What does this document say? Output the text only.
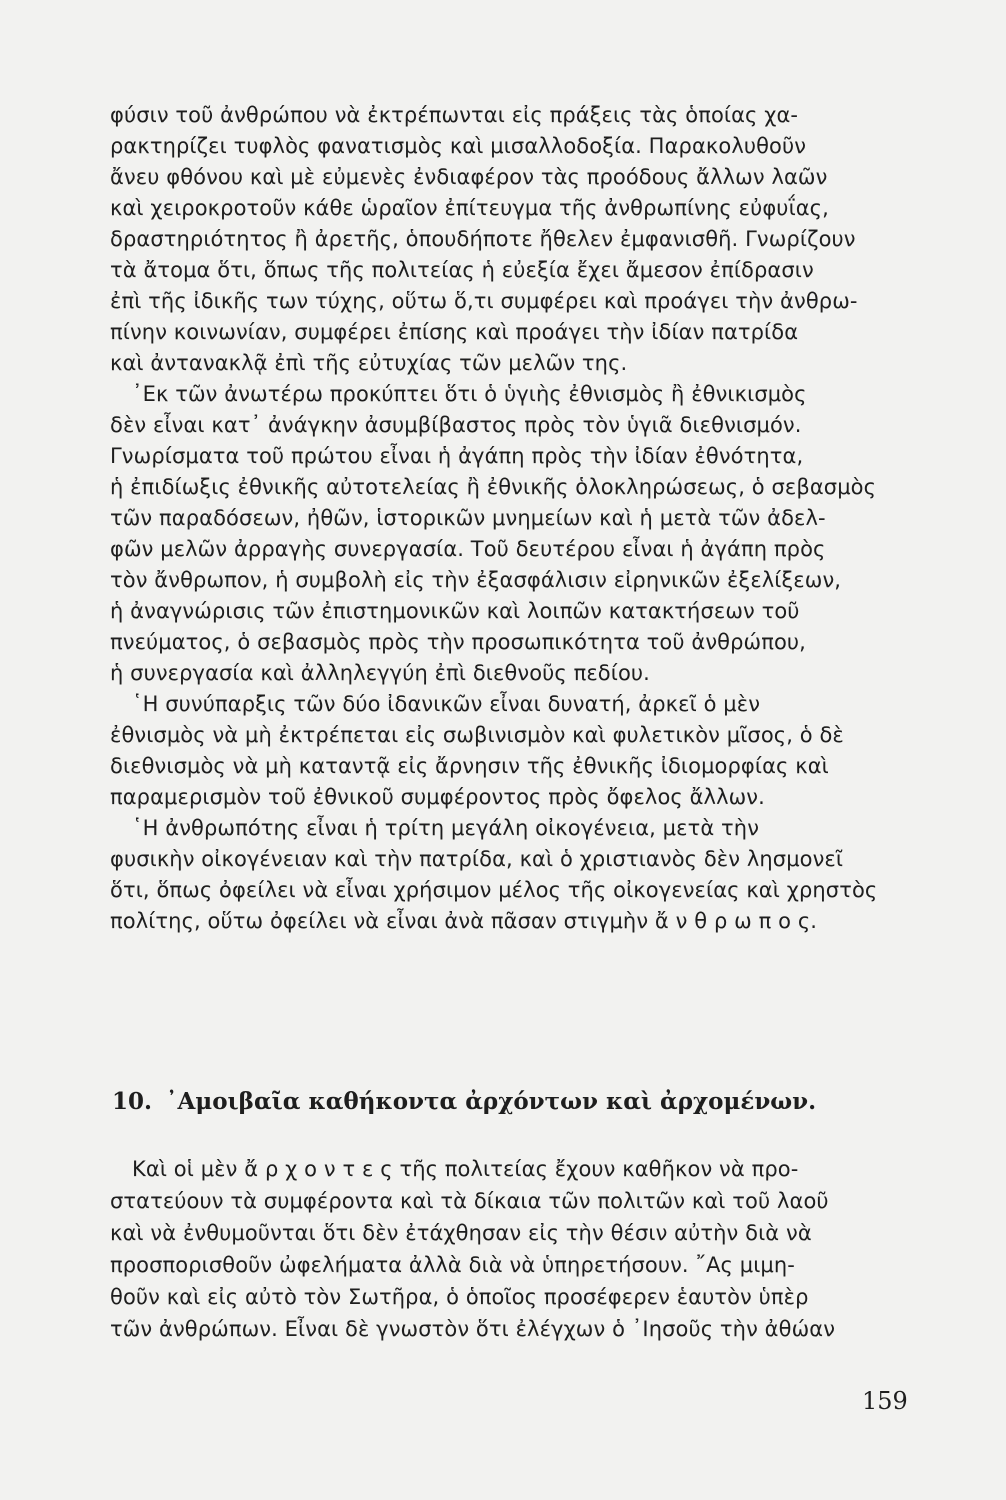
φύσιν τοῦ ἀνθρώπου νὰ ἐκτρέπωνται εἰς πράξεις τὰς ὁποίας χα-
ρακτηρίζει τυφλὸς φανατισμὸς καὶ μισαλλοδοξία. Παρακολυθοῦν
ἄνευ φθόνου καὶ μὲ εὐμενὲς ἐνδιαφέρον τὰς προόδους ἄλλων λαῶν
καὶ χειροκροτοῦν κάθε ὡραῖον ἐπίτευγμα τῆς ἀνθρωπίνης εὐφυΐας,
δραστηριότητος ἢ ἀρετῆς, ὁπουδήποτε ἤθελεν ἐμφανισθῆ. Γνωρίζουν
τὰ ἄτομα ὅτι, ὅπως τῆς πολιτείας ἡ εὐεξία ἔχει ἄμεσον ἐπίδρασιν
ἐπὶ τῆς ἰδικῆς των τύχης, οὕτω ὅ,τι συμφέρει καὶ προάγει τὴν ἀνθρω-
πίνην κοινωνίαν, συμφέρει ἐπίσης καὶ προάγει τὴν ἰδίαν πατρίδα
καὶ ἀντανακλᾷ ἐπὶ τῆς εὐτυχίας τῶν μελῶν της.
᾿Εκ τῶν ἀνωτέρω προκύπτει ὅτι ὁ ὑγιὴς ἐθνισμὸς ἢ ἐθνικισμὸς
δὲν εἶναι κατ᾿ ἀνάγκην ἀσυμβίβαστος πρὸς τὸν ὑγιᾶ διεθνισμόν.
Γνωρίσματα τοῦ πρώτου εἶναι ἡ ἀγάπη πρὸς τὴν ἰδίαν ἐθνότητα,
ἡ ἐπιδίωξις ἐθνικῆς αὐτοτελείας ἢ ἐθνικῆς ὁλοκληρώσεως, ὁ σεβασμὸς
τῶν παραδόσεων, ἠθῶν, ἱστορικῶν μνημείων καὶ ἡ μετὰ τῶν ἀδελ-
φῶν μελῶν ἀρραγὴς συνεργασία. Τοῦ δευτέρου εἶναι ἡ ἀγάπη πρὸς
τὸν ἄνθρωπον, ἡ συμβολὴ εἰς τὴν ἐξασφάλισιν εἰρηνικῶν ἐξελίξεων,
ἡ ἀναγνώρισις τῶν ἐπιστημονικῶν καὶ λοιπῶν κατακτήσεων τοῦ
πνεύματος, ὁ σεβασμὸς πρὸς τὴν προσωπικότητα τοῦ ἀνθρώπου,
ἡ συνεργασία καὶ ἀλληλεγγύη ἐπὶ διεθνοῦς πεδίου.
῾Η συνύπαρξις τῶν δύο ἰδανικῶν εἶναι δυνατή, ἀρκεῖ ὁ μὲν
ἐθνισμὸς νὰ μὴ ἐκτρέπεται εἰς σωβινισμὸν καὶ φυλετικὸν μῖσος, ὁ δὲ
διεθνισμὸς νὰ μὴ καταντᾷ εἰς ἄρνησιν τῆς ἐθνικῆς ἰδιομορφίας καὶ
παραμερισμὸν τοῦ ἐθνικοῦ συμφέροντος πρὸς ὄφελος ἄλλων.
῾Η ἀνθρωπότης εἶναι ἡ τρίτη μεγάλη οἰκογένεια, μετὰ τὴν
φυσικὴν οἰκογένειαν καὶ τὴν πατρίδα, καὶ ὁ χριστιανὸς δὲν λησμονεῖ
ὅτι, ὅπως ὀφείλει νὰ εἶναι χρήσιμον μέλος τῆς οἰκογενείας καὶ χρηστὸς
πολίτης, οὕτω ὀφείλει νὰ εἶναι ἀνὰ πᾶσαν στιγμὴν ἄ ν θ ρ ω π ο ς.
10. ᾿Αμοιβαῖα καθήκοντα ἀρχόντων καὶ ἀρχομένων.
Καὶ οἱ μὲν ἄ ρ χ ο ν τ ε ς τῆς πολιτείας ἔχουν καθῆκον νὰ προ-
στατεύουν τὰ συμφέροντα καὶ τὰ δίκαια τῶν πολιτῶν καὶ τοῦ λαοῦ
καὶ νὰ ἐνθυμοῦνται ὅτι δὲν ἐτάχθησαν εἰς τὴν θέσιν αὐτὴν διὰ νὰ
προσπορισθοῦν ὠφελήματα ἀλλὰ διὰ νὰ ὑπηρετήσουν. ῎Ας μιμη-
θοῦν καὶ εἰς αὐτὸ τὸν Σωτῆρα, ὁ ὁποῖος προσέφερεν ἑαυτὸν ὑπὲρ
τῶν ἀνθρώπων. Εἶναι δὲ γνωστὸν ὅτι ἐλέγχων ὁ ᾿Ιησοῦς τὴν ἀθώαν
159
